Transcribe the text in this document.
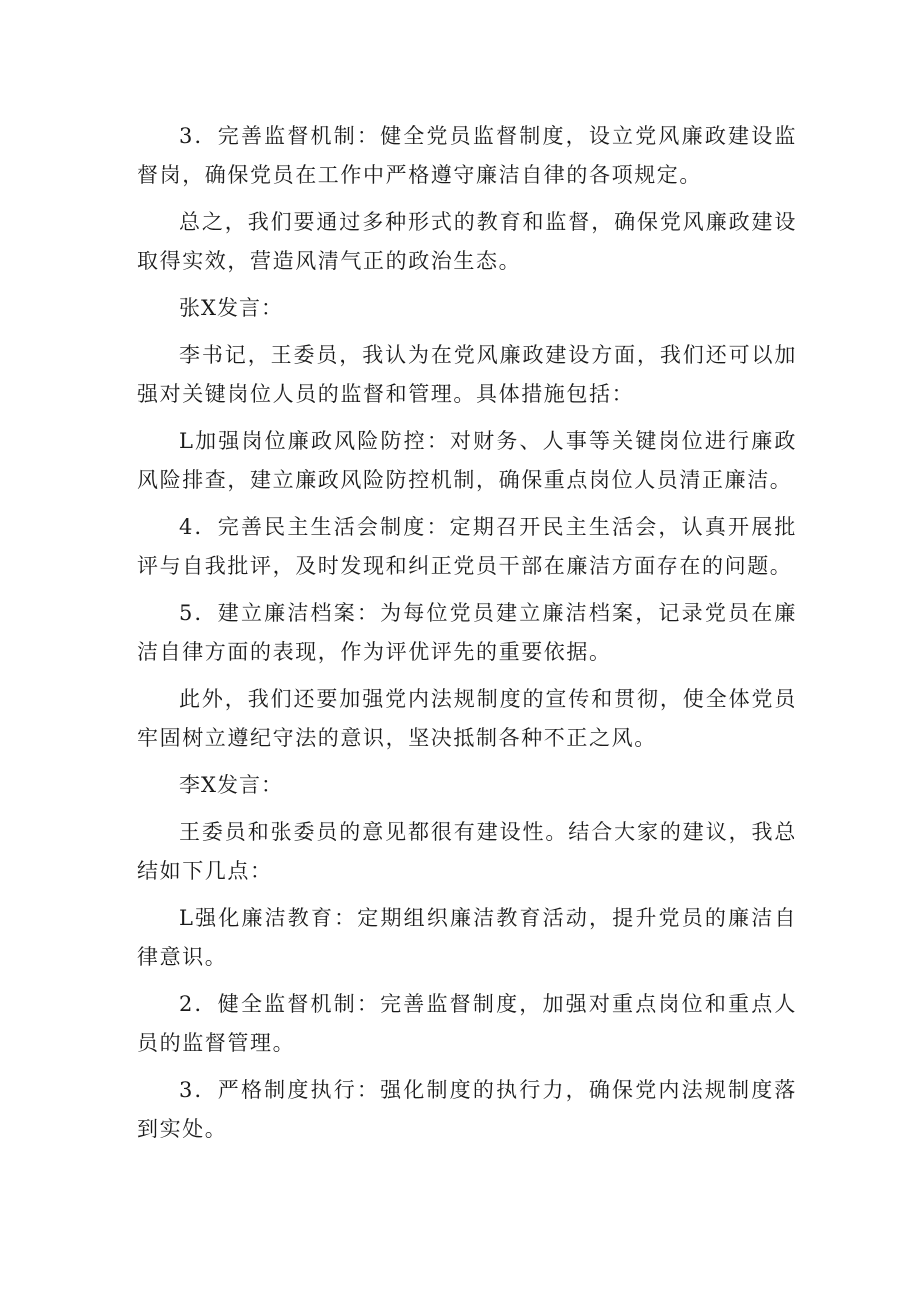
3．完善监督机制：健全党员监督制度，设立党风廉政建设监督岗，确保党员在工作中严格遵守廉洁自律的各项规定。

总之，我们要通过多种形式的教育和监督，确保党风廉政建设取得实效，营造风清气正的政治生态。

张X发言：

李书记，王委员，我认为在党风廉政建设方面，我们还可以加强对关键岗位人员的监督和管理。具体措施包括：

L加强岗位廉政风险防控：对财务、人事等关键岗位进行廉政风险排查，建立廉政风险防控机制，确保重点岗位人员清正廉洁。

4．完善民主生活会制度：定期召开民主生活会，认真开展批评与自我批评，及时发现和纠正党员干部在廉洁方面存在的问题。

5．建立廉洁档案：为每位党员建立廉洁档案，记录党员在廉洁自律方面的表现，作为评优评先的重要依据。

此外，我们还要加强党内法规制度的宣传和贯彻，使全体党员牢固树立遵纪守法的意识，坚决抵制各种不正之风。

李X发言：

王委员和张委员的意见都很有建设性。结合大家的建议，我总结如下几点：

L强化廉洁教育：定期组织廉洁教育活动，提升党员的廉洁自律意识。

2．健全监督机制：完善监督制度，加强对重点岗位和重点人员的监督管理。

3．严格制度执行：强化制度的执行力，确保党内法规制度落到实处。
